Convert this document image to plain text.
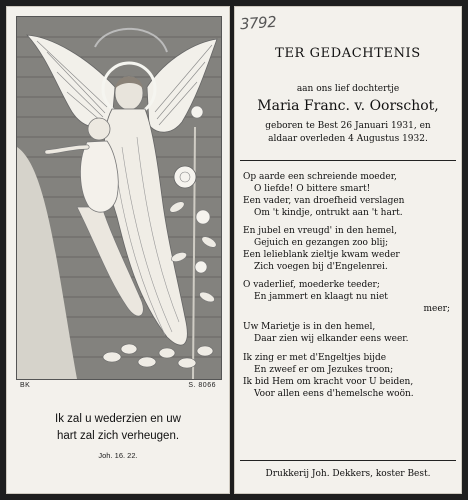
BK	S. 8066
Ik zal u wederzien en uw
hart zal zich verheugen.
Joh. 16. 22.
3792
TER GEDACHTENIS
aan ons lief dochtertje
Maria Franc. v. Oorschot,
geboren te Best 26 Januari 1931, en
aldaar overleden 4 Augustus 1932.
Op aarde een schreiende moeder,
O liefde! O bittere smart!
Een vader, van droefheid verslagen
Om 't kindje, ontrukt aan 't hart.
En jubel en vreugd' in den hemel,
Gejuich en gezangen zoo blij;
Een lelieblank zieltje kwam weder
Zich voegen bij d'Engelenrei.
O vaderlief, moederke teeder;
En jammert en klaagt nu niet
meer;
Uw Marietje is in den hemel,
Daar zien wij elkander eens weer.
Ik zing er met d'Engeltjes bijde
En zweef er om Jezukes troon;
Ik bid Hem om kracht voor U beiden,
Voor allen eens d'hemelsche woön.
Drukkerij Joh. Dekkers, koster Best.
